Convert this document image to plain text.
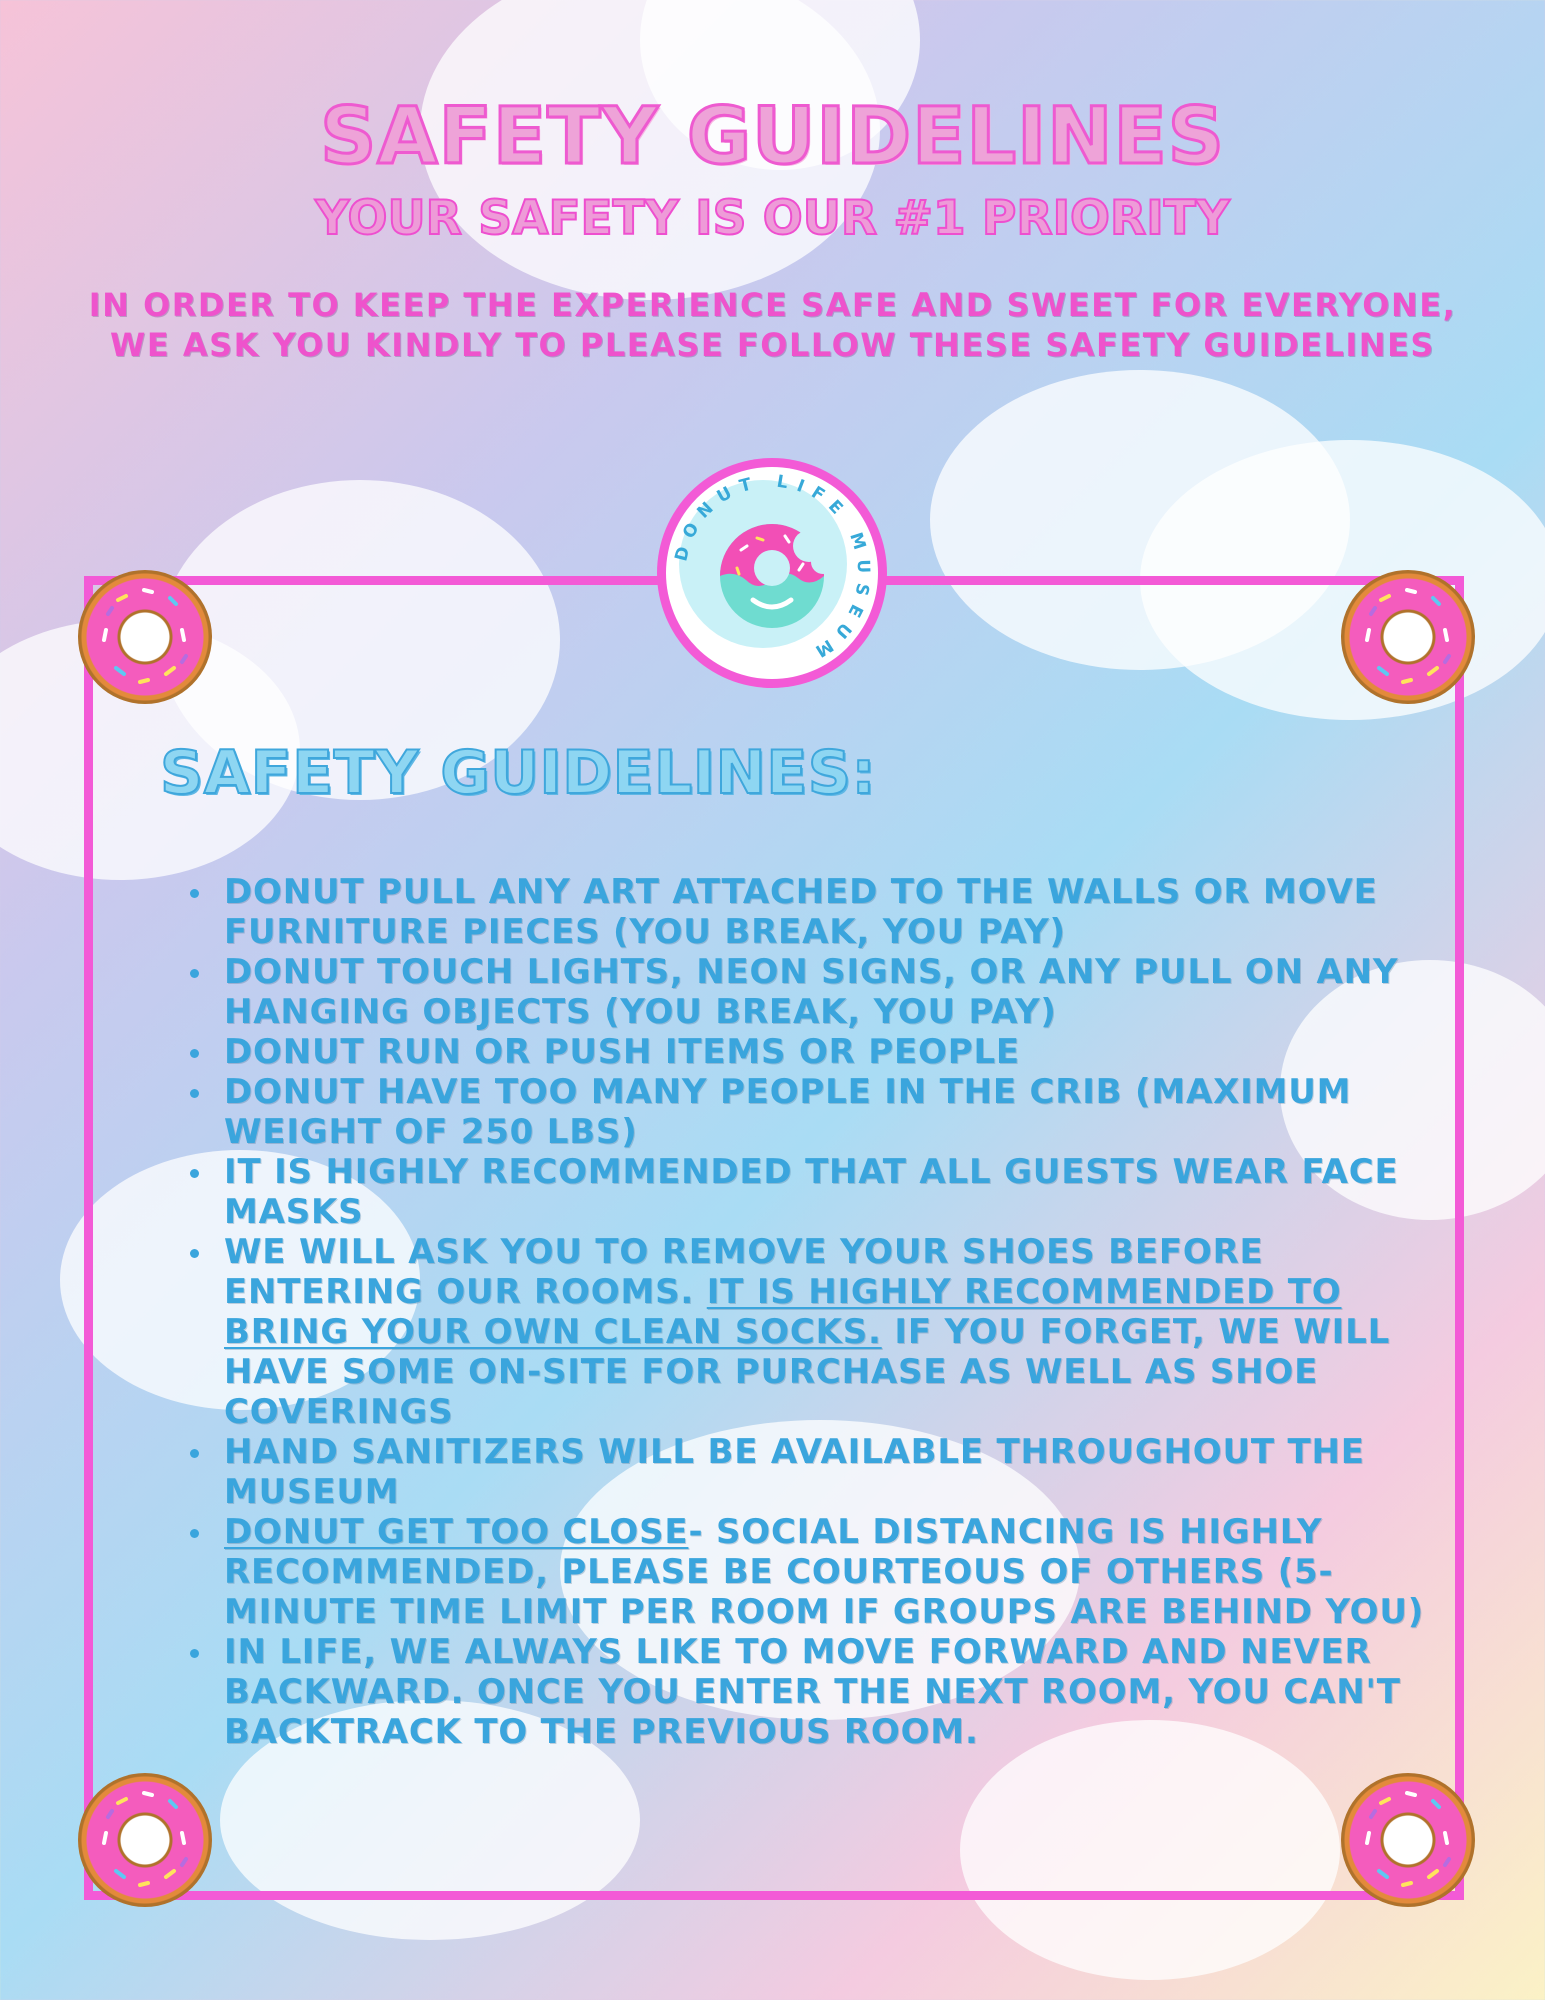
SAFETY GUIDELINES
YOUR SAFETY IS OUR #1 PRIORITY
IN ORDER TO KEEP THE EXPERIENCE SAFE AND SWEET FOR EVERYONE, WE ASK YOU KINDLY TO PLEASE FOLLOW THESE SAFETY GUIDELINES
DONUT LIFE MUSEUM
SAFETY GUIDELINES:
DONUT PULL ANY ART ATTACHED TO THE WALLS OR MOVE FURNITURE PIECES (YOU BREAK, YOU PAY)
DONUT TOUCH LIGHTS, NEON SIGNS, OR ANY PULL ON ANY HANGING OBJECTS (YOU BREAK, YOU PAY)
DONUT RUN OR PUSH ITEMS OR PEOPLE
DONUT HAVE TOO MANY PEOPLE IN THE CRIB (MAXIMUM WEIGHT OF 250 LBS)
IT IS HIGHLY RECOMMENDED THAT ALL GUESTS WEAR FACE MASKS
WE WILL ASK YOU TO REMOVE YOUR SHOES BEFORE ENTERING OUR ROOMS. IT IS HIGHLY RECOMMENDED TO BRING YOUR OWN CLEAN SOCKS. IF YOU FORGET, WE WILL HAVE SOME ON-SITE FOR PURCHASE AS WELL AS SHOE COVERINGS
HAND SANITIZERS WILL BE AVAILABLE THROUGHOUT THE MUSEUM
DONUT GET TOO CLOSE- SOCIAL DISTANCING IS HIGHLY RECOMMENDED, PLEASE BE COURTEOUS OF OTHERS (5-MINUTE TIME LIMIT PER ROOM IF GROUPS ARE BEHIND YOU)
IN LIFE, WE ALWAYS LIKE TO MOVE FORWARD AND NEVER BACKWARD. ONCE YOU ENTER THE NEXT ROOM, YOU CAN'T BACKTRACK TO THE PREVIOUS ROOM.
